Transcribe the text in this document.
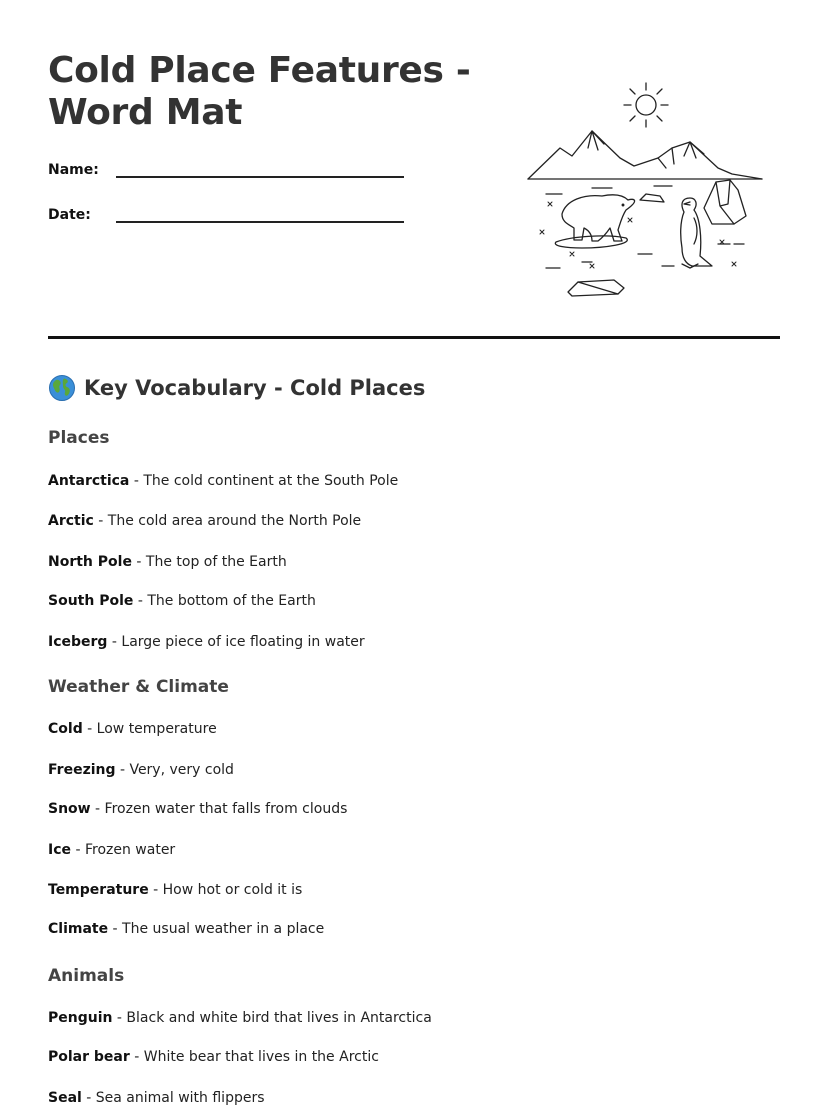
Cold Place Features - Word Mat
Name:
Date:
Key Vocabulary - Cold Places
Places
Antarctica - The cold continent at the South Pole
Arctic - The cold area around the North Pole
North Pole - The top of the Earth
South Pole - The bottom of the Earth
Iceberg - Large piece of ice floating in water
Weather & Climate
Cold - Low temperature
Freezing - Very, very cold
Snow - Frozen water that falls from clouds
Ice - Frozen water
Temperature - How hot or cold it is
Climate - The usual weather in a place
Animals
Penguin - Black and white bird that lives in Antarctica
Polar bear - White bear that lives in the Arctic
Seal - Sea animal with flippers
